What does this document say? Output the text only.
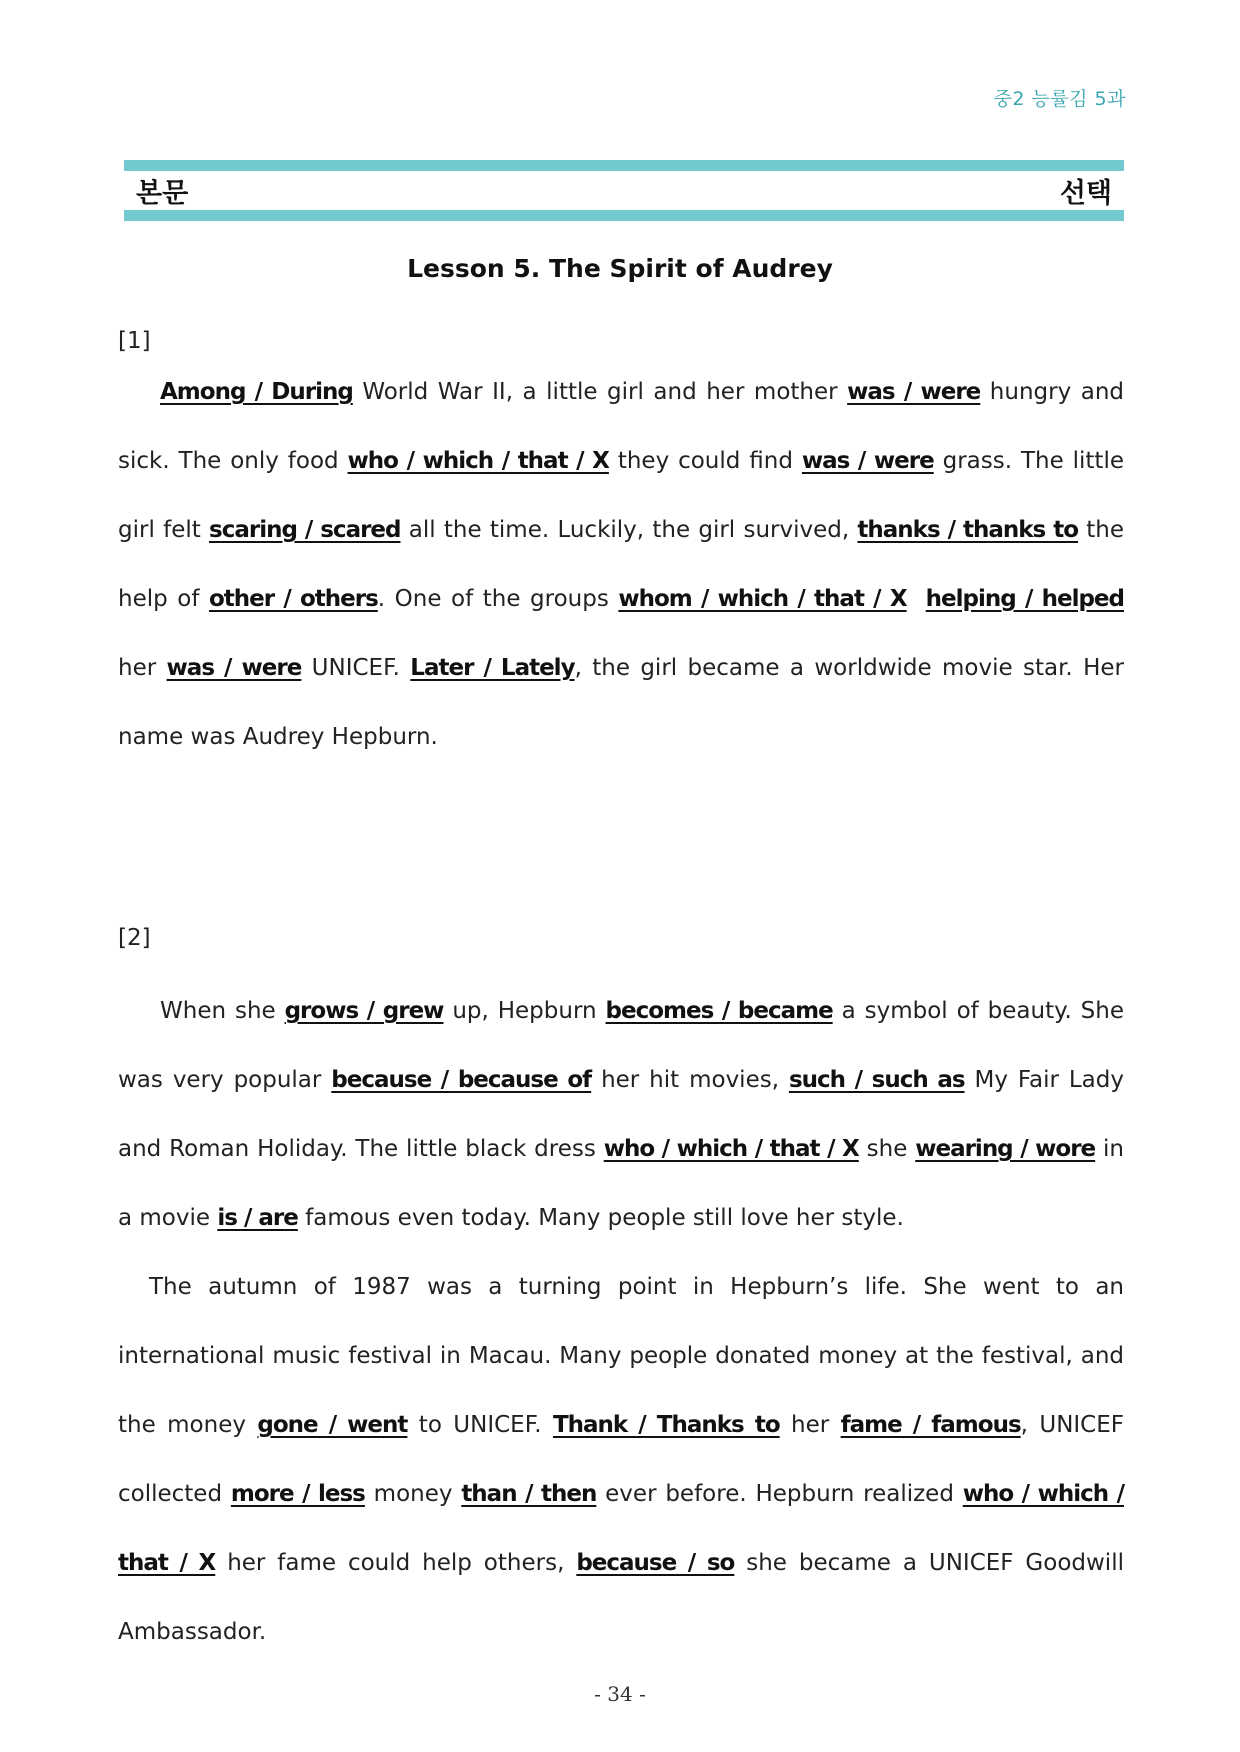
중2 능률김 5과
본문	선택
Lesson 5. The Spirit of Audrey
[1]

Among / During World War II, a little girl and her mother was / were hungry and sick. The only food who / which / that / X they could find was / were grass. The little girl felt scaring / scared all the time. Luckily, the girl survived, thanks / thanks to the help of other / others. One of the groups whom / which / that / X helping / helped her was / were UNICEF. Later / Lately, the girl became a worldwide movie star. Her name was Audrey Hepburn.

[2]

When she grows / grew up, Hepburn becomes / became a symbol of beauty. She was very popular because / because of her hit movies, such / such as My Fair Lady and Roman Holiday. The little black dress who / which / that / X she wearing / wore in a movie is / are famous even today. Many people still love her style.

The autumn of 1987 was a turning point in Hepburn’s life. She went to an international music festival in Macau. Many people donated money at the festival, and the money gone / went to UNICEF. Thank / Thanks to her fame / famous, UNICEF collected more / less money than / then ever before. Hepburn realized who / which / that / X her fame could help others, because / so she became a UNICEF Goodwill Ambassador.

- 34 -
